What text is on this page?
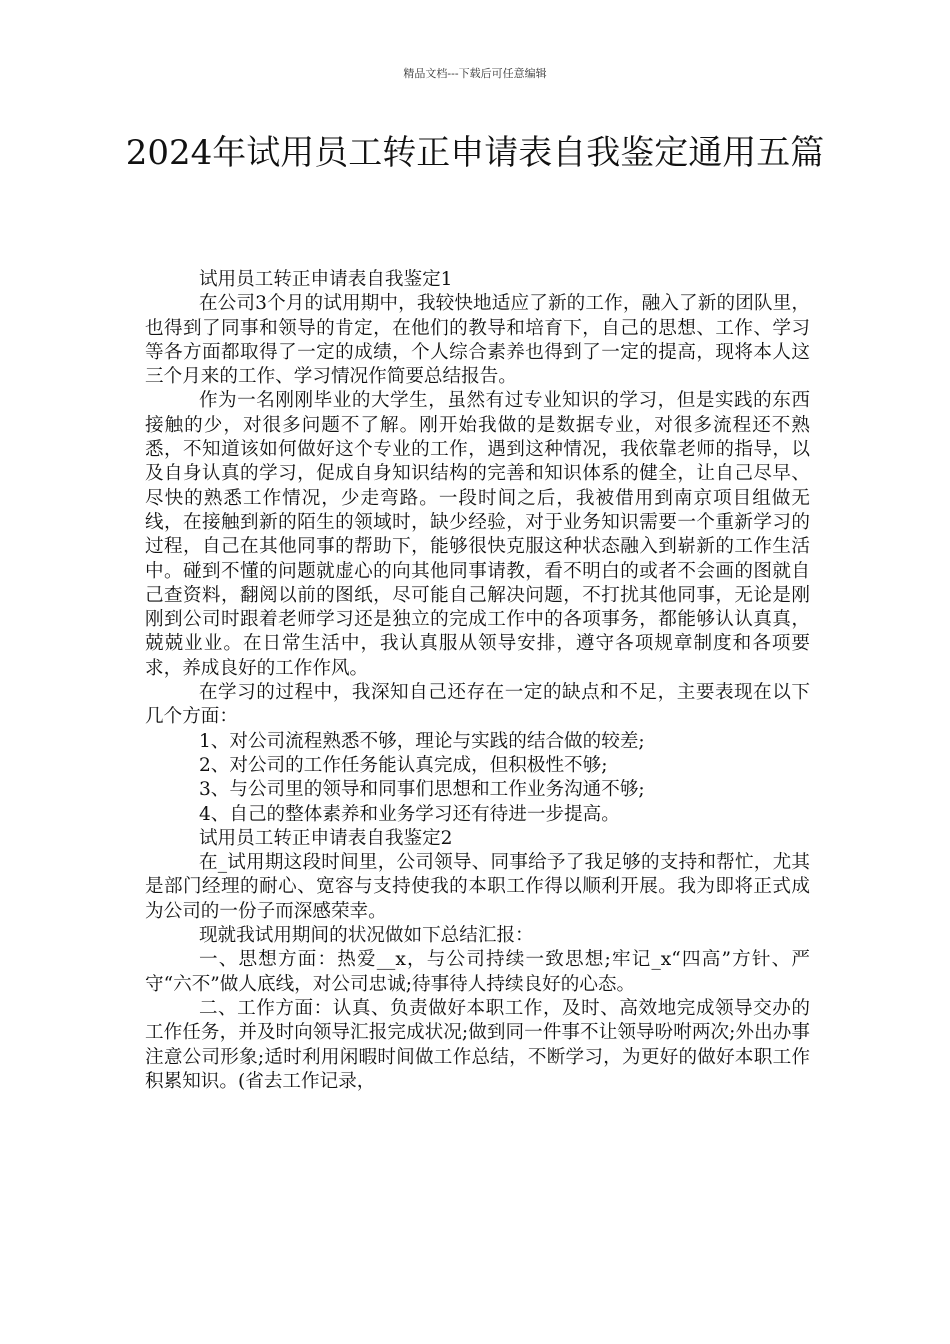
精品文档---下载后可任意编辑
2024年试用员工转正申请表自我鉴定通用五篇

试用员工转正申请表自我鉴定1

在公司3个月的试用期中，我较快地适应了新的工作，融入了新的团队里，也得到了同事和领导的肯定，在他们的教导和培育下，自己的思想、工作、学习等各方面都取得了一定的成绩，个人综合素养也得到了一定的提高，现将本人这三个月来的工作、学习情况作简要总结报告。

作为一名刚刚毕业的大学生，虽然有过专业知识的学习，但是实践的东西接触的少，对很多问题不了解。刚开始我做的是数据专业，对很多流程还不熟悉，不知道该如何做好这个专业的工作，遇到这种情况，我依靠老师的指导，以及自身认真的学习，促成自身知识结构的完善和知识体系的健全，让自己尽早、尽快的熟悉工作情况，少走弯路。一段时间之后，我被借用到南京项目组做无线，在接触到新的陌生的领域时，缺少经验，对于业务知识需要一个重新学习的过程，自己在其他同事的帮助下，能够很快克服这种状态融入到崭新的工作生活中。碰到不懂的问题就虚心的向其他同事请教，看不明白的或者不会画的图就自己查资料，翻阅以前的图纸，尽可能自己解决问题，不打扰其他同事，无论是刚刚到公司时跟着老师学习还是独立的完成工作中的各项事务，都能够认认真真，兢兢业业。在日常生活中，我认真服从领导安排，遵守各项规章制度和各项要求，养成良好的工作作风。

在学习的过程中，我深知自己还存在一定的缺点和不足，主要表现在以下几个方面：

1、对公司流程熟悉不够，理论与实践的结合做的较差;

2、对公司的工作任务能认真完成，但积极性不够;

3、与公司里的领导和同事们思想和工作业务沟通不够;

4、自己的整体素养和业务学习还有待进一步提高。

试用员工转正申请表自我鉴定2

在_试用期这段时间里，公司领导、同事给予了我足够的支持和帮忙，尤其是部门经理的耐心、宽容与支持使我的本职工作得以顺利开展。我为即将正式成为公司的一份子而深感荣幸。

现就我试用期间的状况做如下总结汇报：

一、思想方面：热爱__x，与公司持续一致思想;牢记_x“四高”方针、严守“六不”做人底线，对公司忠诚;待事待人持续良好的心态。

二、工作方面：认真、负责做好本职工作，及时、高效地完成领导交办的工作任务，并及时向领导汇报完成状况;做到同一件事不让领导吩咐两次;外出办事注意公司形象;适时利用闲暇时间做工作总结，不断学习，为更好的做好本职工作积累知识。(省去工作记录，
